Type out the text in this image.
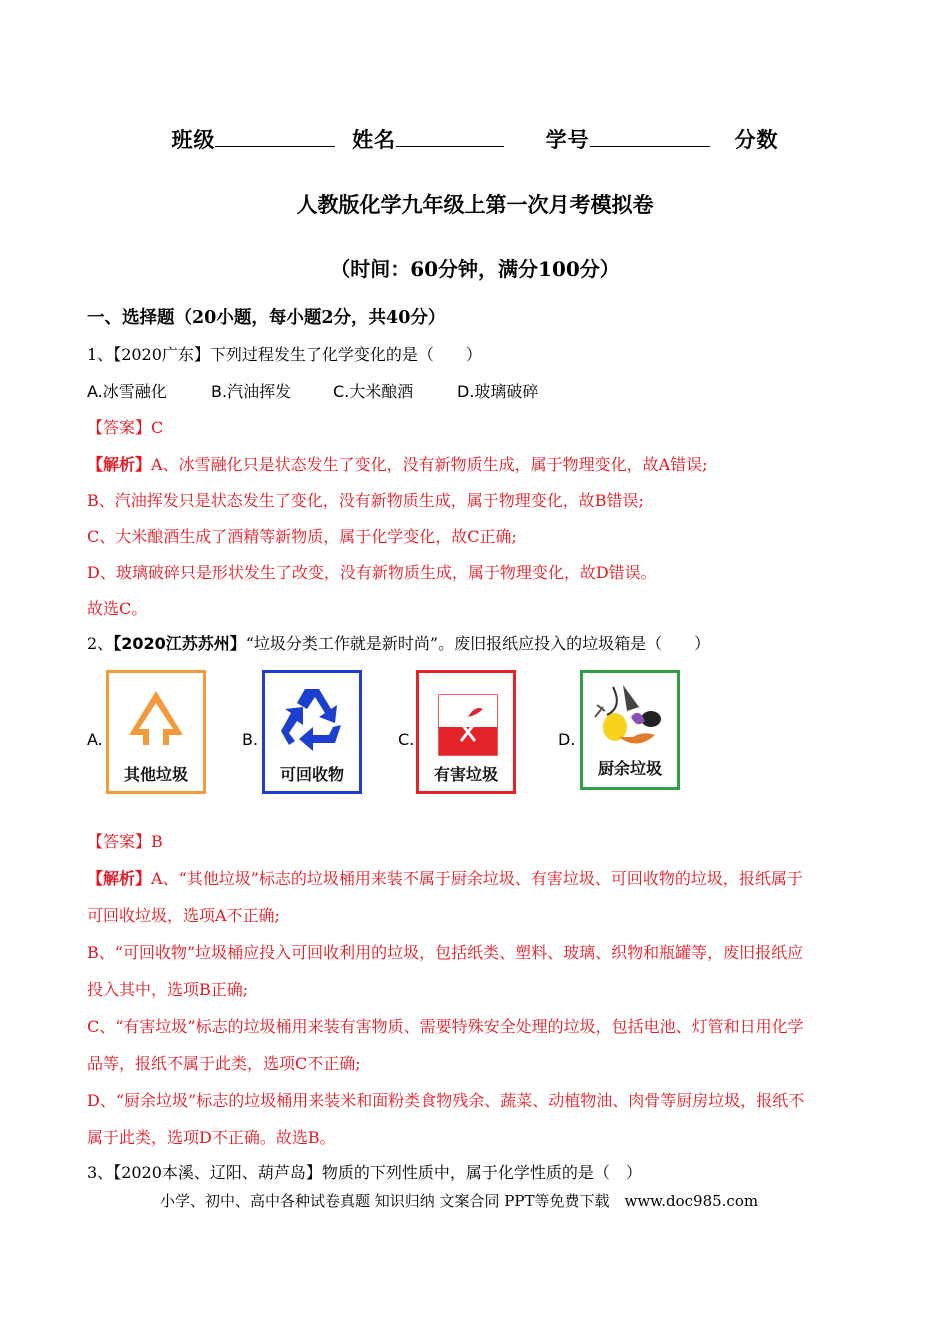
班级	姓名	学号	分数
人教版化学九年级上第一次月考模拟卷
（时间：60分钟，满分100分）
一、选择题（20小题，每小题2分，共40分）
1、【2020广东】下列过程发生了化学变化的是（　　）
A.冰雪融化	B.汽油挥发	C.大米酿酒	D.玻璃破碎
【答案】C
【解析】A、冰雪融化只是状态发生了变化，没有新物质生成，属于物理变化，故A错误;
B、汽油挥发只是状态发生了变化，没有新物质生成，属于物理变化，故B错误;
C、大米酿酒生成了酒精等新物质，属于化学变化，故C正确;
D、玻璃破碎只是形状发生了改变，没有新物质生成，属于物理变化，故D错误。
故选C。
2、【2020江苏苏州】“垃圾分类工作就是新时尚”。废旧报纸应投入的垃圾箱是（　　）
A.
其他垃圾
B.
可回收物
C.
有害垃圾
D.
厨余垃圾
【答案】B
【解析】A、“其他垃圾”标志的垃圾桶用来装不属于厨余垃圾、有害垃圾、可回收物的垃圾，报纸属于
可回收垃圾，选项A不正确;
B、“可回收物”垃圾桶应投入可回收利用的垃圾，包括纸类、塑料、玻璃、织物和瓶罐等，废旧报纸应
投入其中，选项B正确;
C、“有害垃圾”标志的垃圾桶用来装有害物质、需要特殊安全处理的垃圾，包括电池、灯管和日用化学
品等，报纸不属于此类，选项C不正确;
D、“厨余垃圾”标志的垃圾桶用来装米和面粉类食物残余、蔬菜、动植物油、肉骨等厨房垃圾，报纸不
属于此类，选项D不正确。故选B。
3、【2020本溪、辽阳、葫芦岛】物质的下列性质中，属于化学性质的是（　）
小学、初中、高中各种试卷真题 知识归纳 文案合同 PPT等免费下载　www.doc985.com
